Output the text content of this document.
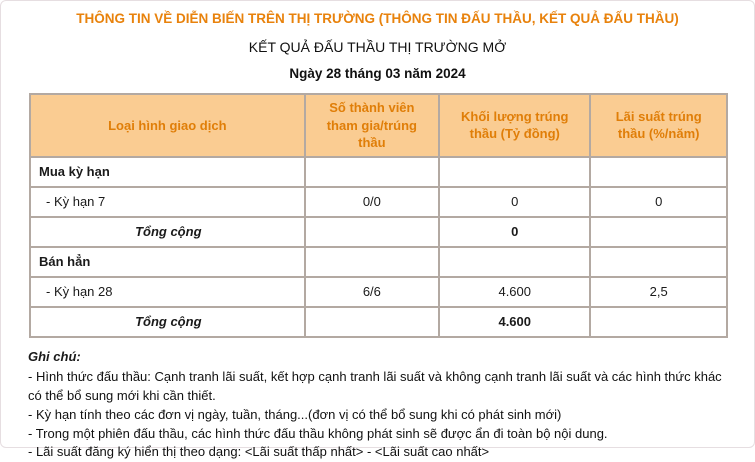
THÔNG TIN VỀ DIỄN BIẾN TRÊN THỊ TRƯỜNG (THÔNG TIN ĐẤU THẦU, KẾT QUẢ ĐẤU THẦU)
KẾT QUẢ ĐẤU THẦU THỊ TRƯỜNG MỞ
Ngày 28 tháng 03 năm 2024
Loại hình giao dịch	Số thành viên tham gia/trúng thầu	Khối lượng trúng thầu (Tỷ đồng)	Lãi suất trúng thầu (%/năm)
Mua kỳ hạn			
- Kỳ hạn 7	0/0	0	0
Tổng cộng		0	
Bán hẳn			
- Kỳ hạn 28	6/6	4.600	2,5
Tổng cộng		4.600	
Ghi chú:
- Hình thức đấu thầu: Cạnh tranh lãi suất, kết hợp cạnh tranh lãi suất và không cạnh tranh lãi suất và các hình thức khác có thể bổ sung mới khi cần thiết.
- Kỳ hạn tính theo các đơn vị ngày, tuần, tháng...(đơn vị có thể bổ sung khi có phát sinh mới)
- Trong một phiên đấu thầu, các hình thức đấu thầu không phát sinh sẽ được ẩn đi toàn bộ nội dung.
- Lãi suất đăng ký hiển thị theo dạng: <Lãi suất thấp nhất> - <Lãi suất cao nhất>
